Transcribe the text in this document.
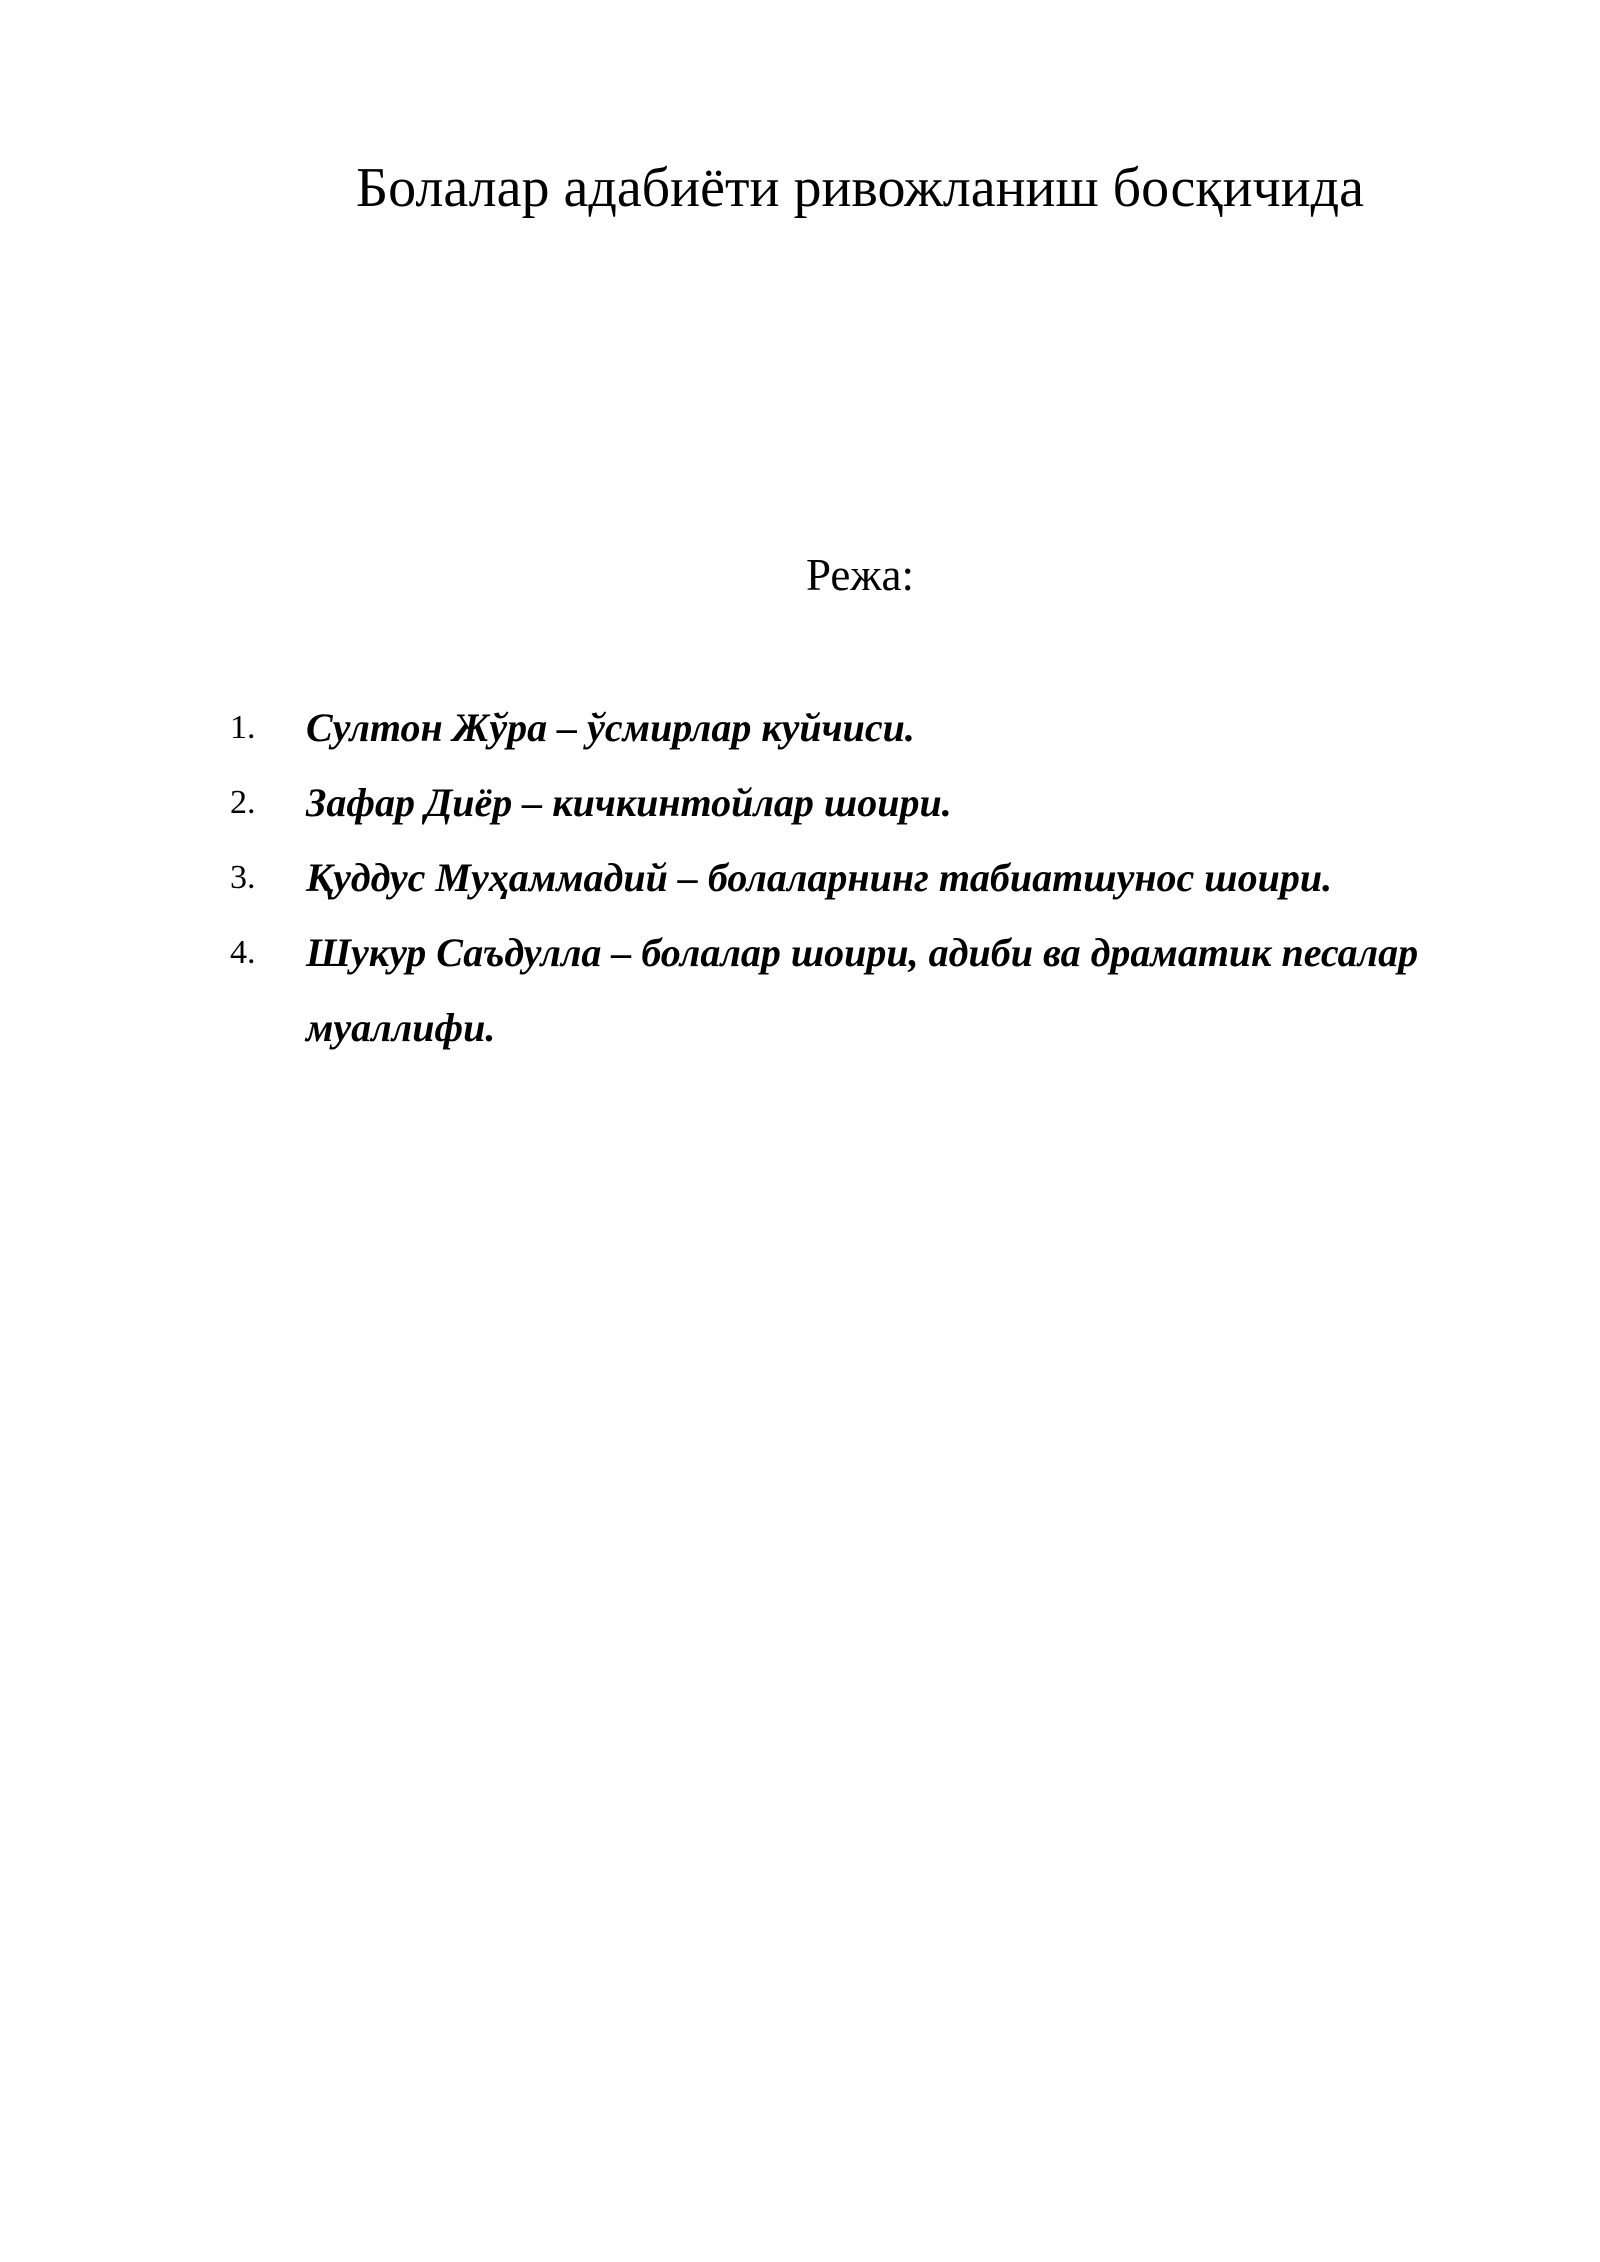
Болалар адабиёти ривожланиш босқичида

Режа:

1. Султон Жўра – ўсмирлар куйчиси.
2. Зафар Диёр – кичкинтойлар шоири.
3. Қуддус Муҳаммадий – болаларнинг табиатшунос шоири.
4. Шукур Саъдулла – болалар шоири, адиби ва драматик песалар муаллифи.
